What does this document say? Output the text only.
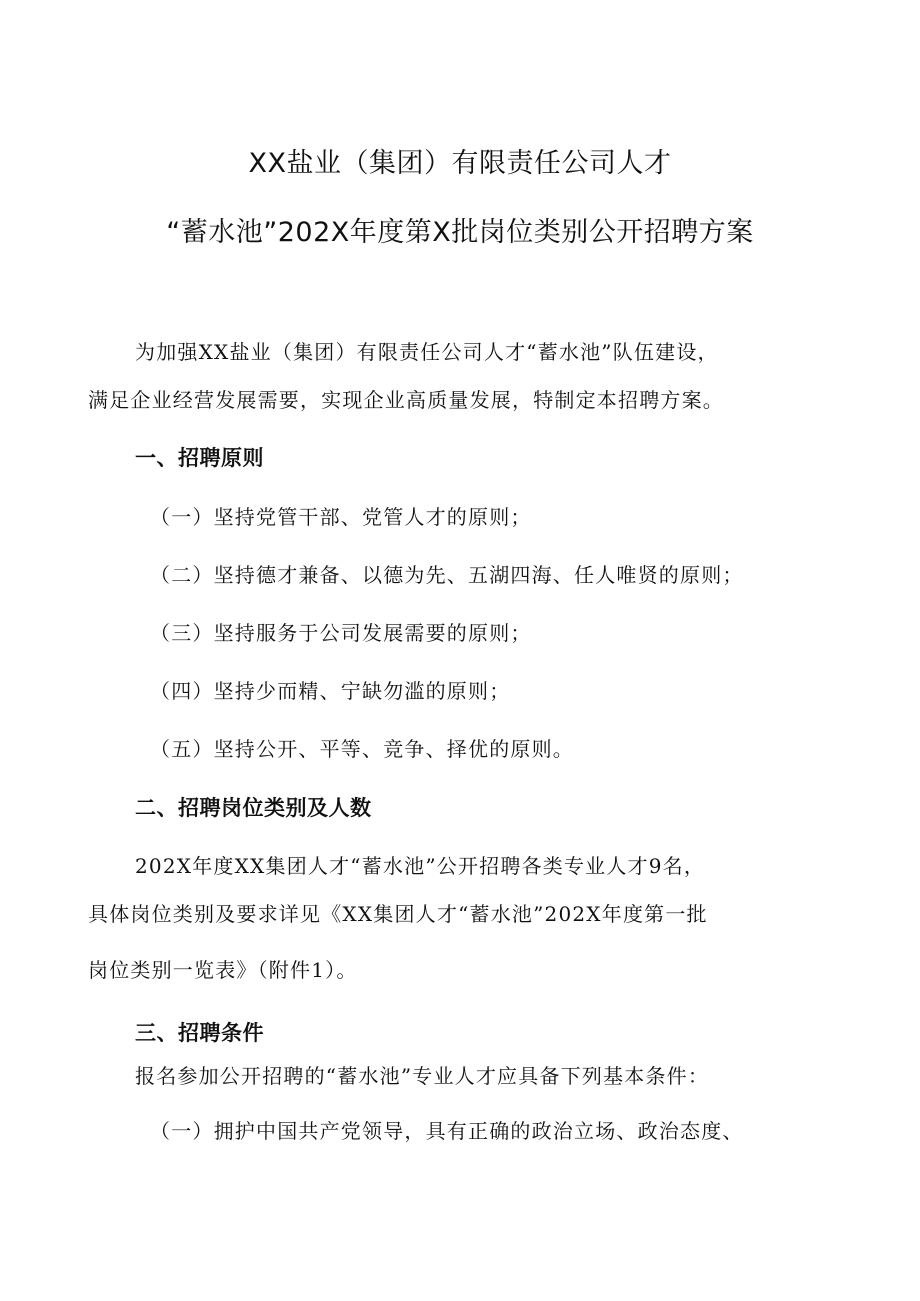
XX盐业（集团）有限责任公司人才
“蓄水池”202X年度第X批岗位类别公开招聘方案
为加强XX盐业（集团）有限责任公司人才“蓄水池”队伍建设，
满足企业经营发展需要，实现企业高质量发展，特制定本招聘方案。
一、招聘原则
（一）坚持党管干部、党管人才的原则；
（二）坚持德才兼备、以德为先、五湖四海、任人唯贤的原则；
（三）坚持服务于公司发展需要的原则；
（四）坚持少而精、宁缺勿滥的原则；
（五）坚持公开、平等、竞争、择优的原则。
二、招聘岗位类别及人数
202X年度XX集团人才“蓄水池”公开招聘各类专业人才9名，
具体岗位类别及要求详见《XX集团人才“蓄水池”202X年度第一批
岗位类别一览表》（附件1）。
三、招聘条件
报名参加公开招聘的“蓄水池”专业人才应具备下列基本条件：
（一）拥护中国共产党领导，具有正确的政治立场、政治态度、
